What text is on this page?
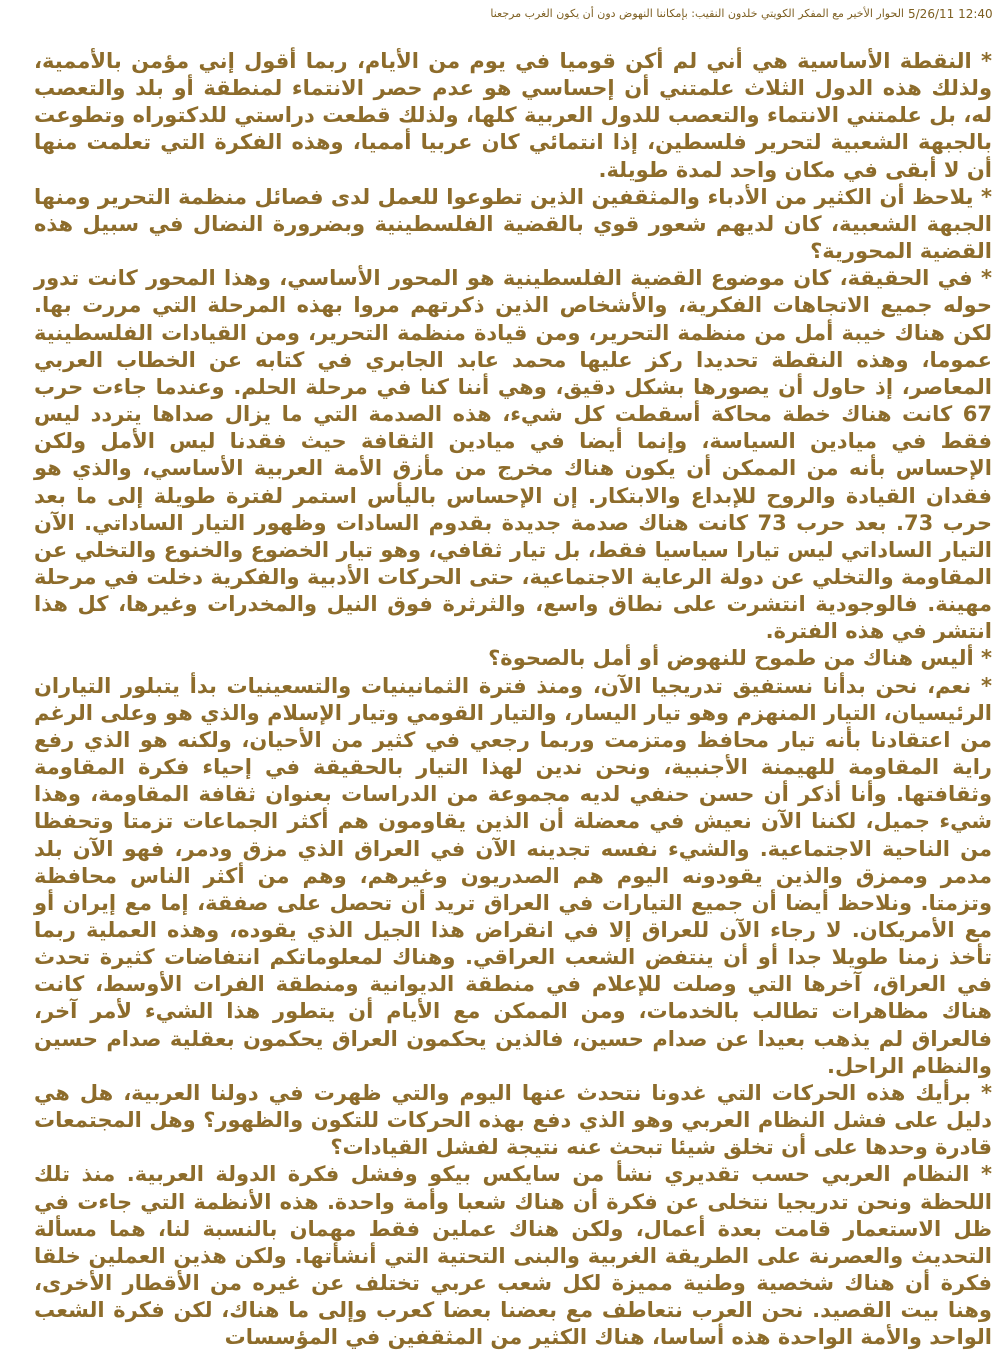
الحوار الأخير مع المفكر الكويتي خلدون النقيب: بإمكاننا النهوض دون أن يكون الغرب مرجعنا 5/26/11 12:40

* النقطة الأساسية هي أني لم أكن قوميا في يوم من الأيام، ربما أقول إني مؤمن بالأممية، ولذلك هذه الدول الثلاث علمتني أن إحساسي هو عدم حصر الانتماء لمنطقة أو بلد والتعصب له، بل علمتني الانتماء والتعصب للدول العربية كلها، ولذلك قطعت دراستي للدكتوراه وتطوعت بالجبهة الشعبية لتحرير فلسطين، إذا انتمائي كان عربيا أمميا، وهذه الفكرة التي تعلمت منها أن لا أبقى في مكان واحد لمدة طويلة.

* يلاحظ أن الكثير من الأدباء والمثقفين الذين تطوعوا للعمل لدى فصائل منظمة التحرير ومنها الجبهة الشعبية، كان لديهم شعور قوي بالقضية الفلسطينية وبضرورة النضال في سبيل هذه القضية المحورية؟

* في الحقيقة، كان موضوع القضية الفلسطينية هو المحور الأساسي، وهذا المحور كانت تدور حوله جميع الاتجاهات الفكرية، والأشخاص الذين ذكرتهم مروا بهذه المرحلة التي مررت بها. لكن هناك خيبة أمل من منظمة التحرير، ومن قيادة منظمة التحرير، ومن القيادات الفلسطينية عموما، وهذه النقطة تحديدا ركز عليها محمد عابد الجابري في كتابه عن الخطاب العربي المعاصر، إذ حاول أن يصورها بشكل دقيق، وهي أننا كنا في مرحلة الحلم. وعندما جاءت حرب 67 كانت هناك خطة محاكة أسقطت كل شيء، هذه الصدمة التي ما يزال صداها يتردد ليس فقط في ميادين السياسة، وإنما أيضا في ميادين الثقافة حيث فقدنا ليس الأمل ولكن الإحساس بأنه من الممكن أن يكون هناك مخرج من مأزق الأمة العربية الأساسي، والذي هو فقدان القيادة والروح للإبداع والابتكار. إن الإحساس باليأس استمر لفترة طويلة إلى ما بعد حرب 73. بعد حرب 73 كانت هناك صدمة جديدة بقدوم السادات وظهور التيار الساداتي. الآن التيار الساداتي ليس تيارا سياسيا فقط، بل تيار ثقافي، وهو تيار الخضوع والخنوع والتخلي عن المقاومة والتخلي عن دولة الرعاية الاجتماعية، حتى الحركات الأدبية والفكرية دخلت في مرحلة مهينة. فالوجودية انتشرت على نطاق واسع، والثرثرة فوق النيل والمخدرات وغيرها، كل هذا انتشر في هذه الفترة.

* أليس هناك من طموح للنهوض أو أمل بالصحوة؟

* نعم، نحن بدأنا نستفيق تدريجيا الآن، ومنذ فترة الثمانينيات والتسعينيات بدأ يتبلور التياران الرئيسيان، التيار المنهزم وهو تيار اليسار، والتيار القومي وتيار الإسلام والذي هو وعلى الرغم من اعتقادنا بأنه تيار محافظ ومتزمت وربما رجعي في كثير من الأحيان، ولكنه هو الذي رفع راية المقاومة للهيمنة الأجنبية، ونحن ندين لهذا التيار بالحقيقة في إحياء فكرة المقاومة وثقافتها. وأنا أذكر أن حسن حنفي لديه مجموعة من الدراسات بعنوان ثقافة المقاومة، وهذا شيء جميل، لكننا الآن نعيش في معضلة أن الذين يقاومون هم أكثر الجماعات تزمتا وتحفظا من الناحية الاجتماعية. والشيء نفسه تجدينه الآن في العراق الذي مزق ودمر، فهو الآن بلد مدمر وممزق والذين يقودونه اليوم هم الصدريون وغيرهم، وهم من أكثر الناس محافظة وتزمتا. ونلاحظ أيضا أن جميع التيارات في العراق تريد أن تحصل على صفقة، إما مع إيران أو مع الأمريكان. لا رجاء الآن للعراق إلا في انقراض هذا الجيل الذي يقوده، وهذه العملية ربما تأخذ زمنا طويلا جدا أو أن ينتفض الشعب العراقي. وهناك لمعلوماتكم انتفاضات كثيرة تحدث في العراق، آخرها التي وصلت للإعلام في منطقة الديوانية ومنطقة الفرات الأوسط، كانت هناك مظاهرات تطالب بالخدمات، ومن الممكن مع الأيام أن يتطور هذا الشيء لأمر آخر، فالعراق لم يذهب بعيدا عن صدام حسين، فالذين يحكمون العراق يحكمون بعقلية صدام حسين والنظام الراحل.

* برأيك هذه الحركات التي غدونا نتحدث عنها اليوم والتي ظهرت في دولنا العربية، هل هي دليل على فشل النظام العربي وهو الذي دفع بهذه الحركات للتكون والظهور؟ وهل المجتمعات قادرة وحدها على أن تخلق شيئا تبحث عنه نتيجة لفشل القيادات؟

* النظام العربي حسب تقديري نشأ من سايكس بيكو وفشل فكرة الدولة العربية. منذ تلك اللحظة ونحن تدريجيا نتخلى عن فكرة أن هناك شعبا وأمة واحدة. هذه الأنظمة التي جاءت في ظل الاستعمار قامت بعدة أعمال، ولكن هناك عملين فقط مهمان بالنسبة لنا، هما مسألة التحديث والعصرنة على الطريقة الغربية والبنى التحتية التي أنشأتها. ولكن هذين العملين خلقا فكرة أن هناك شخصية وطنية مميزة لكل شعب عربي تختلف عن غيره من الأقطار الأخرى، وهنا بيت القصيد. نحن العرب نتعاطف مع بعضنا بعضا كعرب وإلى ما هناك، لكن فكرة الشعب الواحد والأمة الواحدة هذه أساسا، هناك الكثير من المثقفين في المؤسسات
